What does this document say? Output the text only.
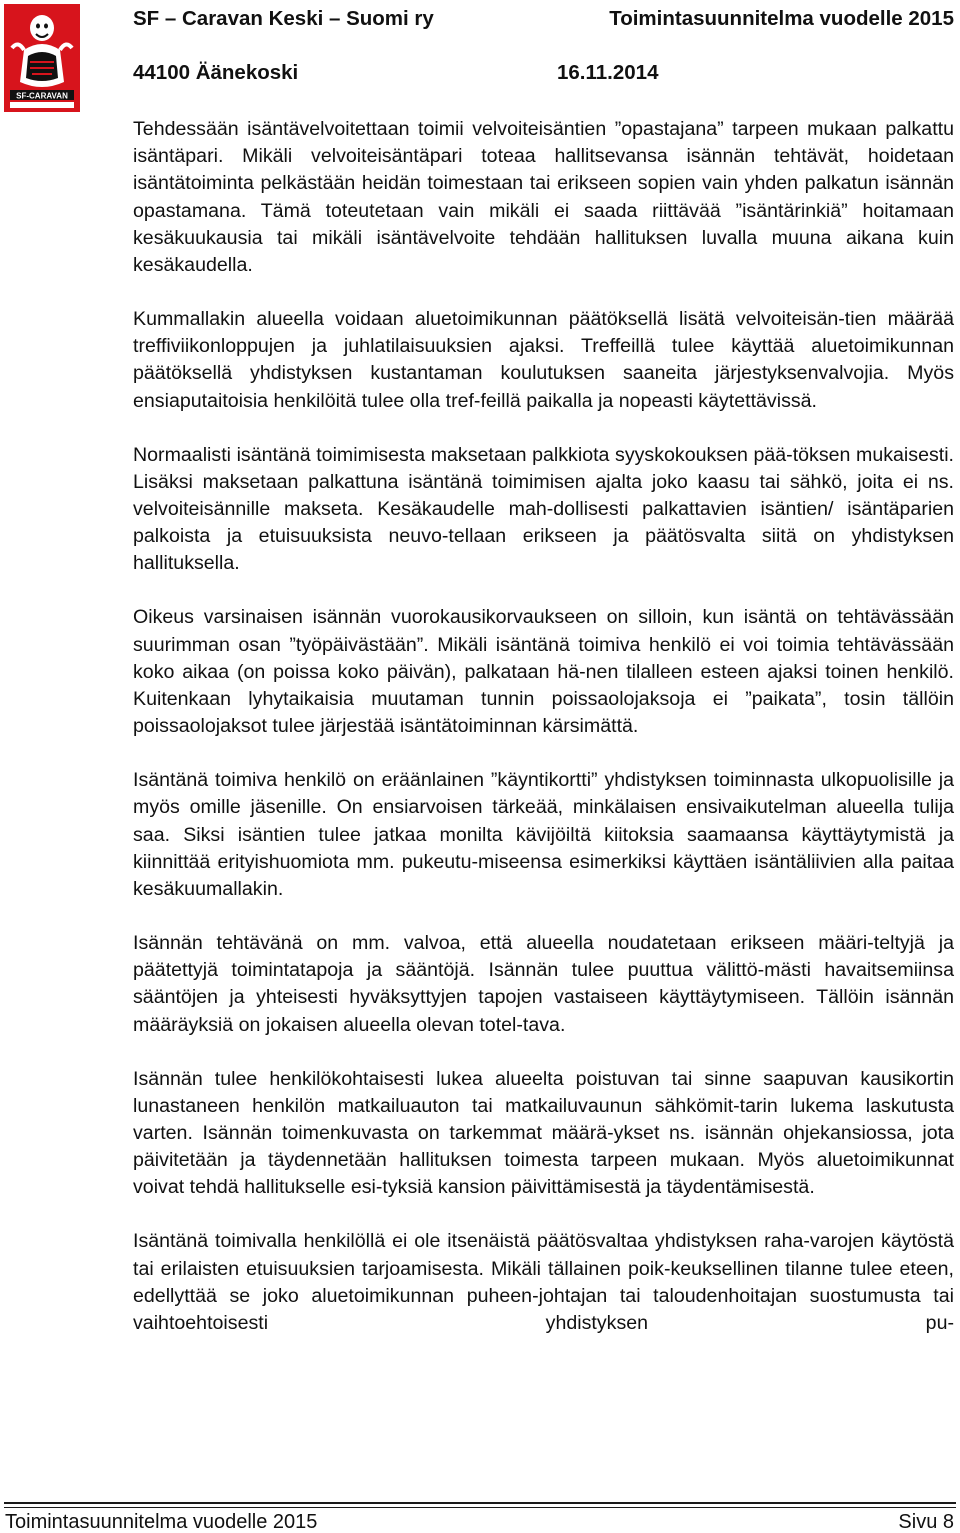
SF-CARAVAN
SF – Caravan Keski – Suomi ry	Toimintasuunnitelma vuodelle 2015
44100 Äänekoski	16.11.2014

Tehdessään isäntävelvoitettaan toimii velvoiteisäntien ”opastajana” tarpeen mukaan palkattu isäntäpari. Mikäli velvoiteisäntäpari toteaa hallitsevansa isännän tehtävät, hoidetaan isäntätoiminta pelkästään heidän toimestaan tai erikseen sopien vain yhden palkatun isännän opastamana. Tämä toteutetaan vain mikäli ei saada riittävää ”isäntärinkiä” hoitamaan kesäkuukausia tai mikäli isäntävelvoite tehdään hallituksen luvalla muuna aikana kuin kesäkaudella.

Kummallakin alueella voidaan aluetoimikunnan päätöksellä lisätä velvoiteisän-tien määrää treffiviikonloppujen ja juhlatilaisuuksien ajaksi. Treffeillä tulee käyttää aluetoimikunnan päätöksellä yhdistyksen kustantaman koulutuksen saaneita järjestyksenvalvojia. Myös ensiaputaitoisia henkilöitä tulee olla tref-feillä paikalla ja nopeasti käytettävissä.

Normaalisti isäntänä toimimisesta maksetaan palkkiota syyskokouksen pää-töksen mukaisesti. Lisäksi maksetaan palkattuna isäntänä toimimisen ajalta joko kaasu tai sähkö, joita ei ns. velvoiteisännille makseta. Kesäkaudelle mah-dollisesti palkattavien isäntien/ isäntäparien palkoista ja etuisuuksista neuvo-tellaan erikseen ja päätösvalta siitä on yhdistyksen hallituksella.

Oikeus varsinaisen isännän vuorokausikorvaukseen on silloin, kun isäntä on tehtävässään suurimman osan ”työpäivästään”. Mikäli isäntänä toimiva henkilö ei voi toimia tehtävässään koko aikaa (on poissa koko päivän), palkataan hä-nen tilalleen esteen ajaksi toinen henkilö. Kuitenkaan lyhytaikaisia muutaman tunnin poissaolojaksoja ei ”paikata”, tosin tällöin poissaolojaksot tulee järjestää isäntätoiminnan kärsimättä.

Isäntänä toimiva henkilö on eräänlainen ”käyntikortti” yhdistyksen toiminnasta ulkopuolisille ja myös omille jäsenille. On ensiarvoisen tärkeää, minkälaisen ensivaikutelman alueella tulija saa. Siksi isäntien tulee jatkaa monilta kävijöiltä kiitoksia saamaansa käyttäytymistä ja kiinnittää erityishuomiota mm. pukeutu-miseensa esimerkiksi käyttäen isäntäliivien alla paitaa kesäkuumallakin.

Isännän tehtävänä on mm. valvoa, että alueella noudatetaan erikseen määri-teltyjä ja päätettyjä toimintatapoja ja sääntöjä. Isännän tulee puuttua välittö-mästi havaitsemiinsa sääntöjen ja yhteisesti hyväksyttyjen tapojen vastaiseen käyttäytymiseen. Tällöin isännän määräyksiä on jokaisen alueella olevan totel-tava.

Isännän tulee henkilökohtaisesti lukea alueelta poistuvan tai sinne saapuvan kausikortin lunastaneen henkilön matkailuauton tai matkailuvaunun sähkömit-tarin lukema laskutusta varten. Isännän toimenkuvasta on tarkemmat määrä-ykset ns. isännän ohjekansiossa, jota päivitetään ja täydennetään hallituksen toimesta tarpeen mukaan. Myös aluetoimikunnat voivat tehdä hallitukselle esi-tyksiä kansion päivittämisestä ja täydentämisestä.

Isäntänä toimivalla henkilöllä ei ole itsenäistä päätösvaltaa yhdistyksen raha-varojen käytöstä tai erilaisten etuisuuksien tarjoamisesta. Mikäli tällainen poik-keuksellinen tilanne tulee eteen, edellyttää se joko aluetoimikunnan puheen-johtajan tai taloudenhoitajan suostumusta tai vaihtoehtoisesti yhdistyksen pu-

Toimintasuunnitelma vuodelle 2015	Sivu 8
